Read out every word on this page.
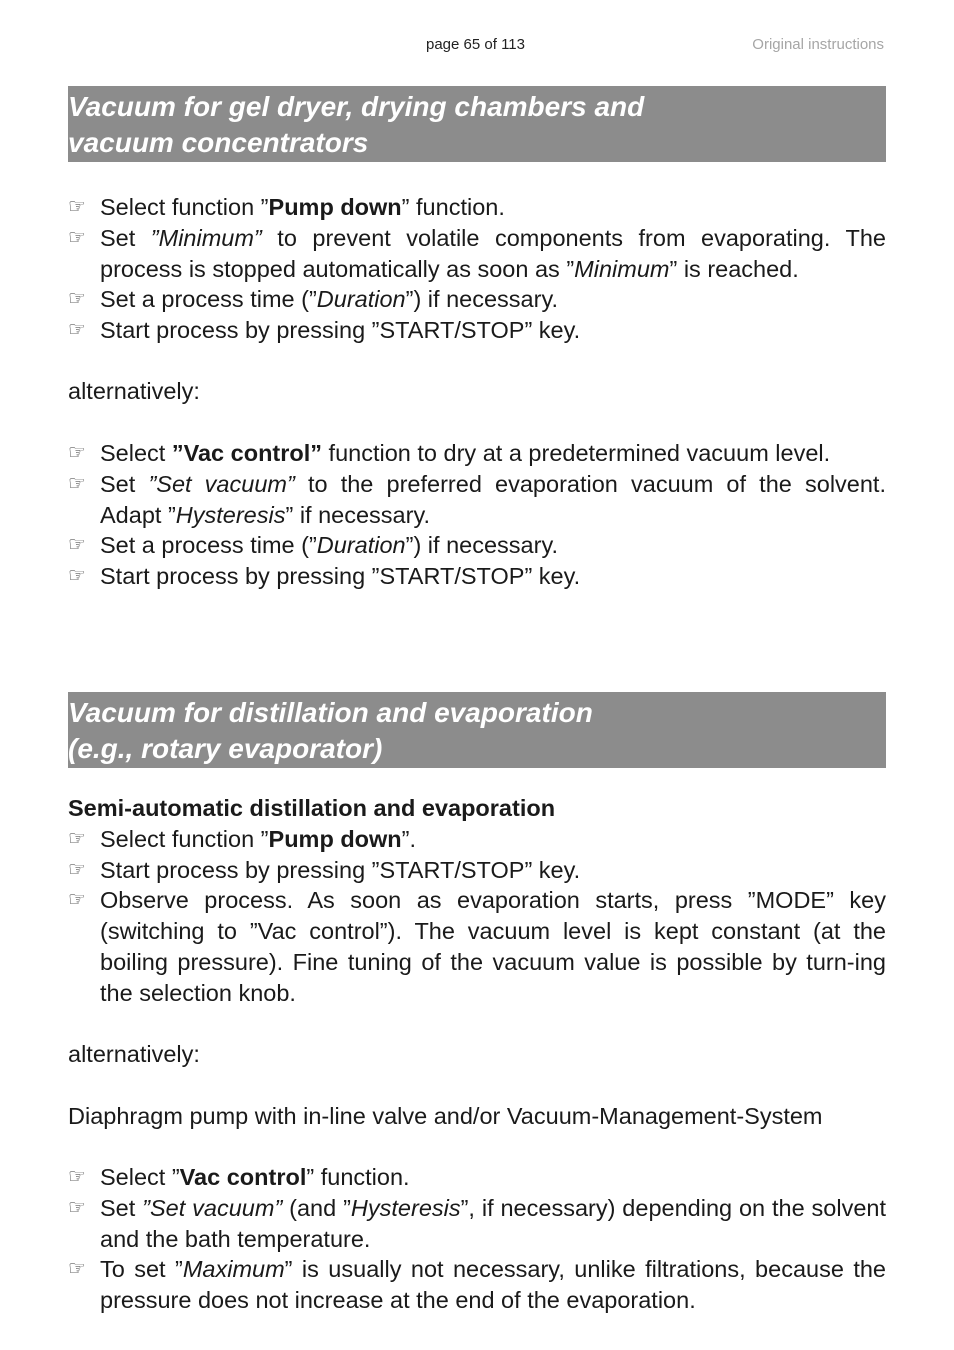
page 65 of 113	Original instructions
Vacuum for gel dryer, drying chambers and
vacuum concentrators
☞ Select function ”Pump down” function.
☞ Set ”Minimum” to prevent volatile components from evaporating. The process is stopped automatically as soon as ”Minimum” is reached.
☞ Set a process time (”Duration”) if necessary.
☞ Start process by pressing ”START/STOP” key.
alternatively:
☞ Select ”Vac control” function to dry at a predetermined vacuum level.
☞ Set ”Set vacuum” to the preferred evaporation vacuum of the solvent. Adapt ”Hysteresis” if necessary.
☞ Set a process time (”Duration”) if necessary.
☞ Start process by pressing ”START/STOP” key.
Vacuum for distillation and evaporation
(e.g., rotary evaporator)
Semi-automatic distillation and evaporation
☞ Select function ”Pump down”.
☞ Start process by pressing ”START/STOP” key.
☞ Observe process. As soon as evaporation starts, press ”MODE” key (switching to ”Vac control”). The vacuum level is kept constant (at the boiling pressure). Fine tuning of the vacuum value is possible by turn-ing the selection knob.
alternatively:
Diaphragm pump with in-line valve and/or Vacuum-Management-System
☞ Select ”Vac control” function.
☞ Set ”Set vacuum” (and ”Hysteresis”, if necessary) depending on the solvent and the bath temperature.
☞ To set ”Maximum” is usually not necessary, unlike filtrations, because the pressure does not increase at the end of the evaporation.
